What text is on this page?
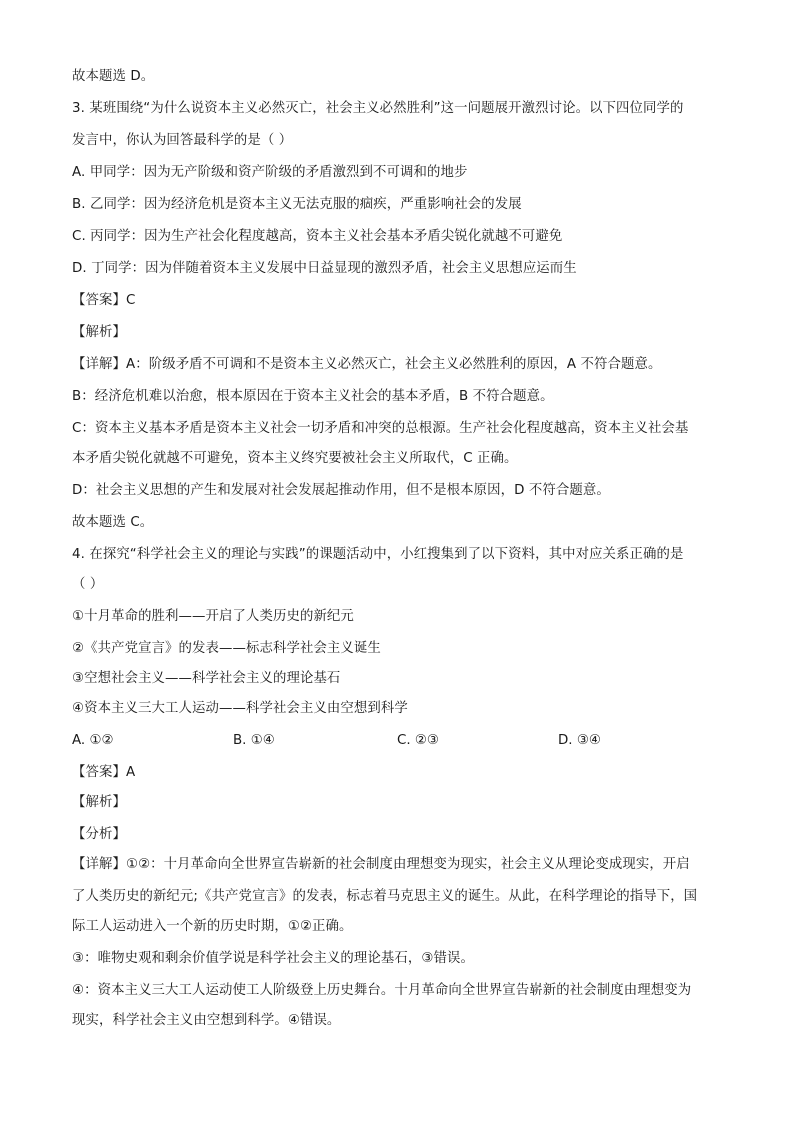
故本题选 D。
3. 某班围绕“为什么说资本主义必然灭亡，社会主义必然胜利”这一问题展开激烈讨论。以下四位同学的
发言中，你认为回答最科学的是（ ）
A. 甲同学：因为无产阶级和资产阶级的矛盾激烈到不可调和的地步
B. 乙同学：因为经济危机是资本主义无法克服的痼疾，严重影响社会的发展
C. 丙同学：因为生产社会化程度越高，资本主义社会基本矛盾尖锐化就越不可避免
D. 丁同学：因为伴随着资本主义发展中日益显现的激烈矛盾，社会主义思想应运而生
【答案】C
【解析】
【详解】A：阶级矛盾不可调和不是资本主义必然灭亡，社会主义必然胜利的原因，A 不符合题意。
B：经济危机难以治愈，根本原因在于资本主义社会的基本矛盾，B 不符合题意。
C：资本主义基本矛盾是资本主义社会一切矛盾和冲突的总根源。生产社会化程度越高，资本主义社会基
本矛盾尖锐化就越不可避免，资本主义终究要被社会主义所取代，C 正确。
D：社会主义思想的产生和发展对社会发展起推动作用，但不是根本原因，D 不符合题意。
故本题选 C。
4. 在探究“科学社会主义的理论与实践”的课题活动中，小红搜集到了以下资料，其中对应关系正确的是
（ ）
①十月革命的胜利——开启了人类历史的新纪元
②《共产党宣言》的发表——标志科学社会主义诞生
③空想社会主义——科学社会主义的理论基石
④资本主义三大工人运动——科学社会主义由空想到科学
A. ①②	B. ①④	C. ②③	D. ③④
【答案】A
【解析】
【分析】
【详解】①②：十月革命向全世界宣告崭新的社会制度由理想变为现实，社会主义从理论变成现实，开启
了人类历史的新纪元;《共产党宣言》的发表，标志着马克思主义的诞生。从此，在科学理论的指导下，国
际工人运动进入一个新的历史时期，①②正确。
③：唯物史观和剩余价值学说是科学社会主义的理论基石，③错误。
④：资本主义三大工人运动使工人阶级登上历史舞台。十月革命向全世界宣告崭新的社会制度由理想变为
现实，科学社会主义由空想到科学。④错误。
